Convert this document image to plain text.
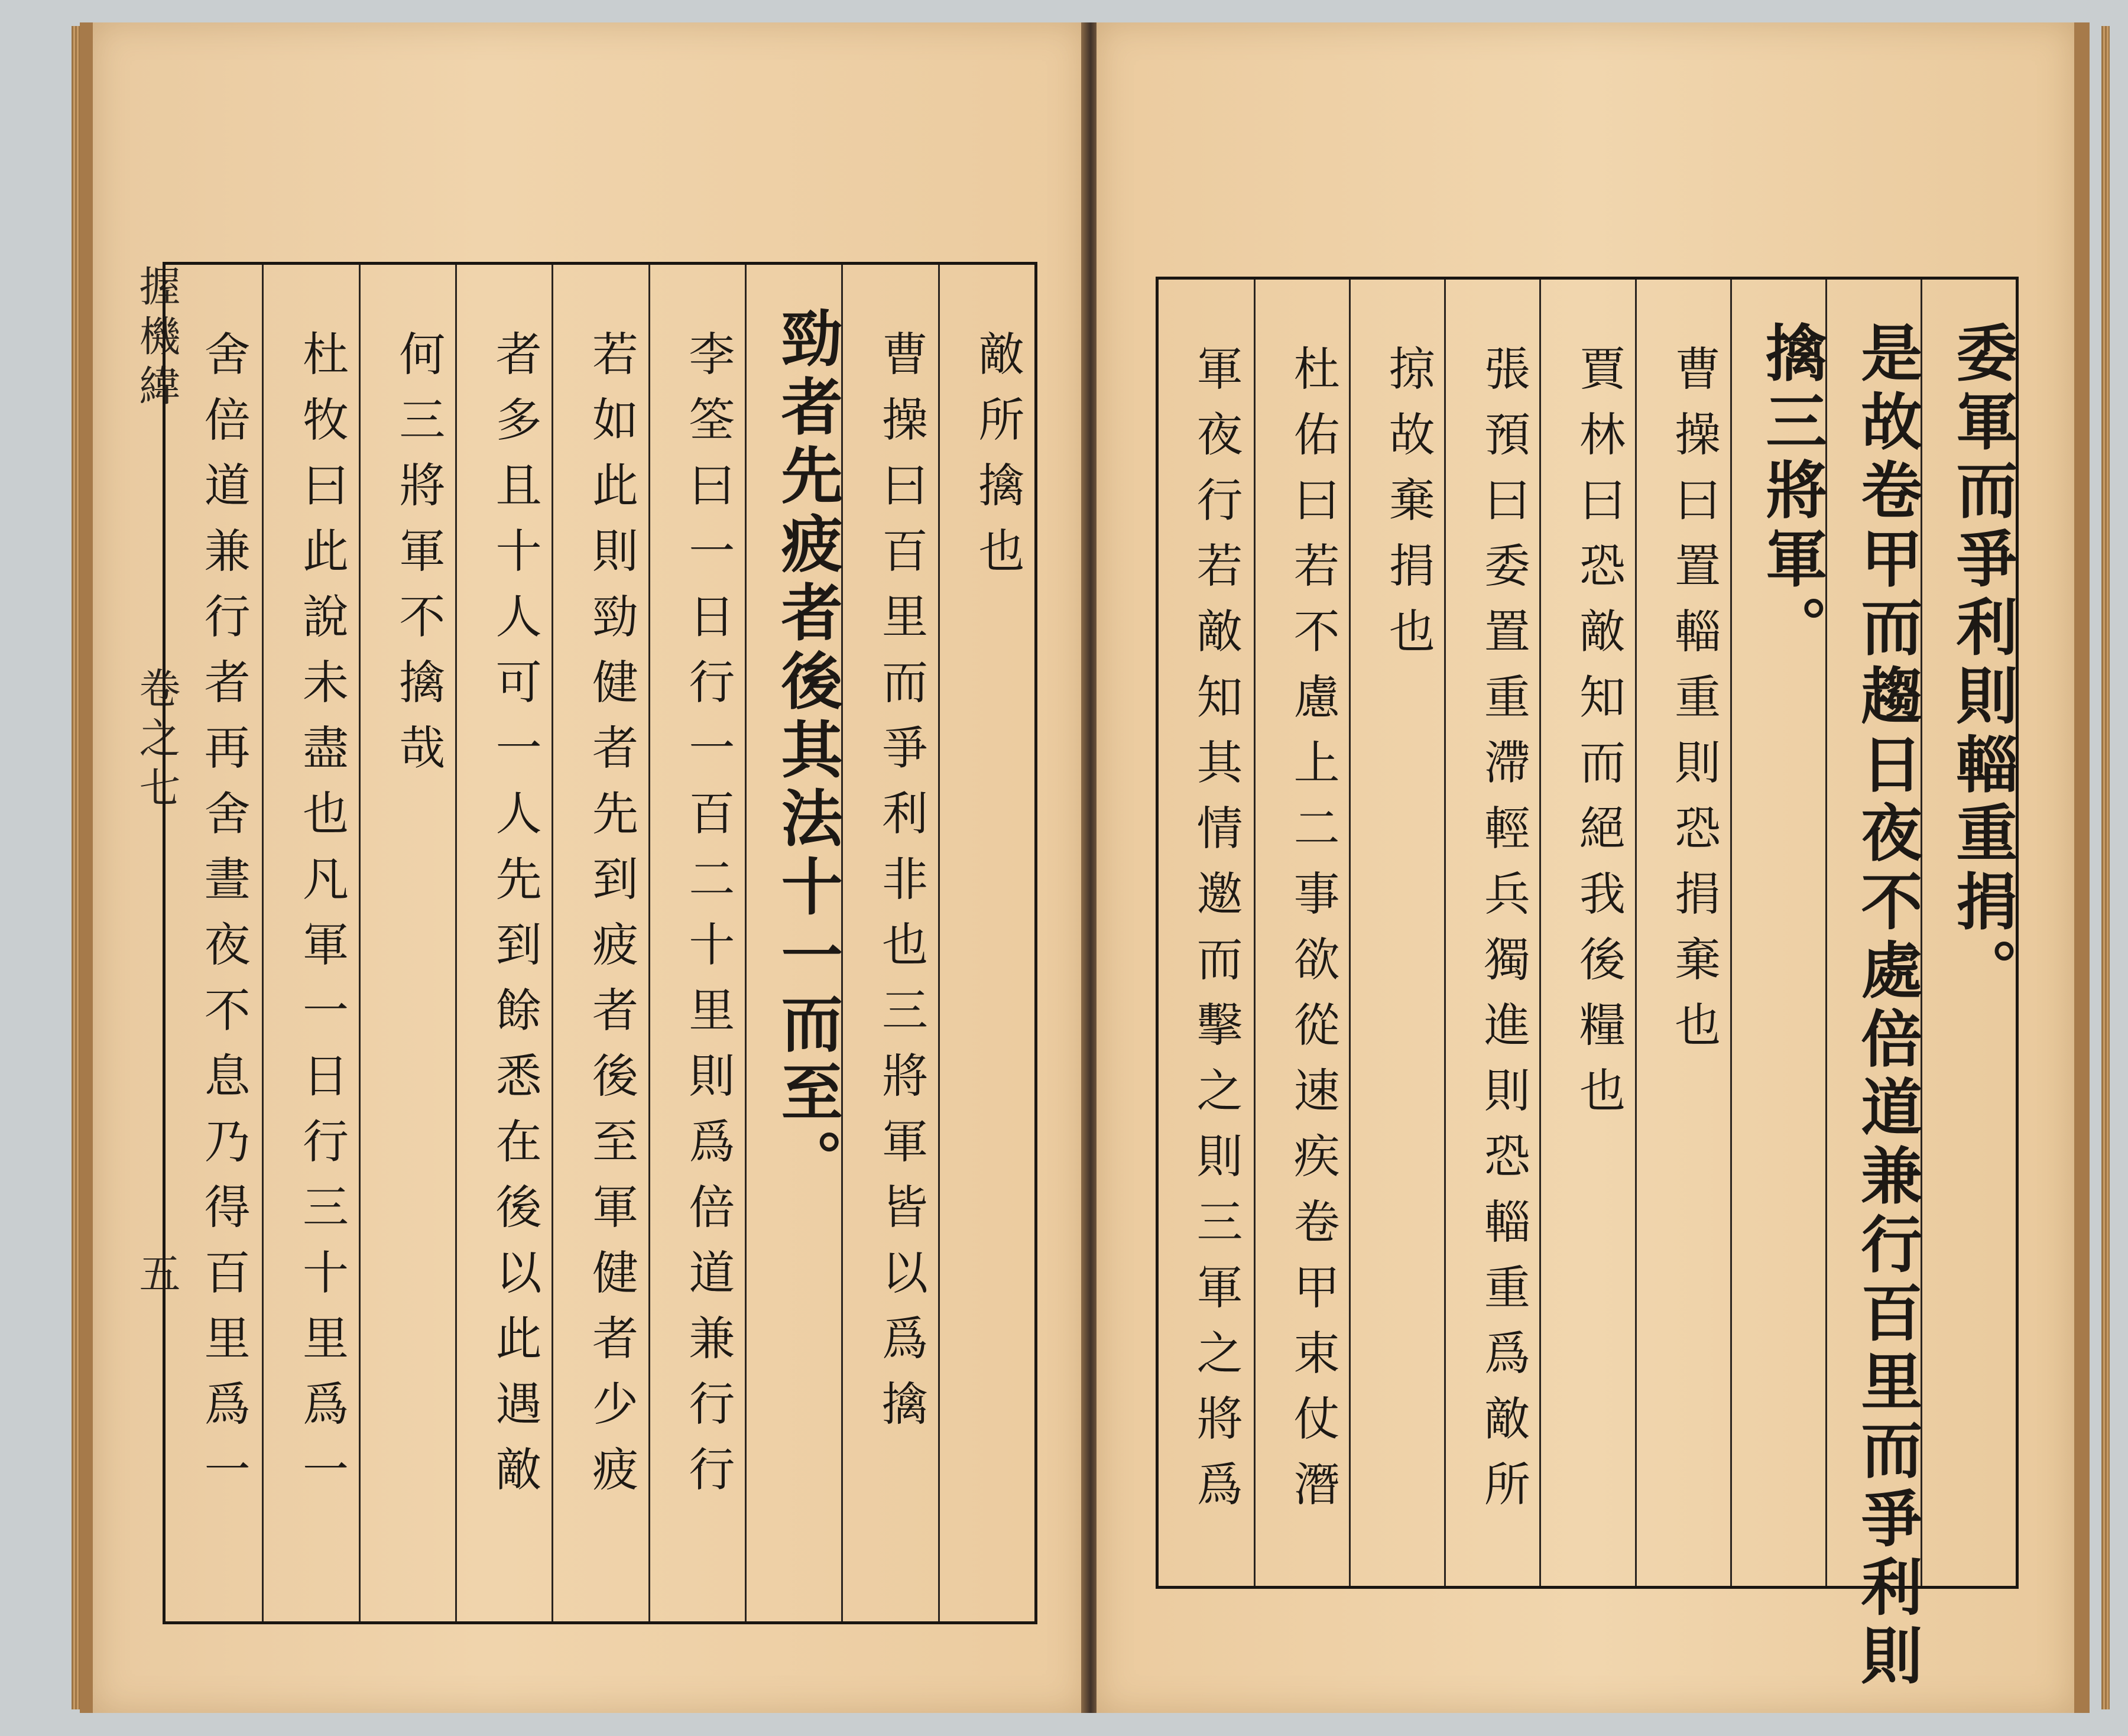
握機緯
卷之七
五
敵所擒也
曹操曰百里而爭利非也三將軍皆以爲擒
勁者先疲者後其法十一而至。
李筌曰一日行一百二十里則爲倍道兼行行
若如此則勁健者先到疲者後至軍健者少疲
者多且十人可一人先到餘悉在後以此遇敵
何三將軍不擒哉
杜牧曰此說未盡也凡軍一日行三十里爲一
舍倍道兼行者再舍晝夜不息乃得百里爲一	委軍而爭利則輜重捐。
是故卷甲而趨日夜不處倍道兼行百里而爭利則
擒三將軍。
曹操曰置輜重則恐捐棄也
賈林曰恐敵知而絕我後糧也
張預曰委置重滯輕兵獨進則恐輜重爲敵所
掠故棄捐也
杜佑曰若不慮上二事欲從速疾卷甲束仗潛
軍夜行若敵知其情邀而擊之則三軍之將爲
